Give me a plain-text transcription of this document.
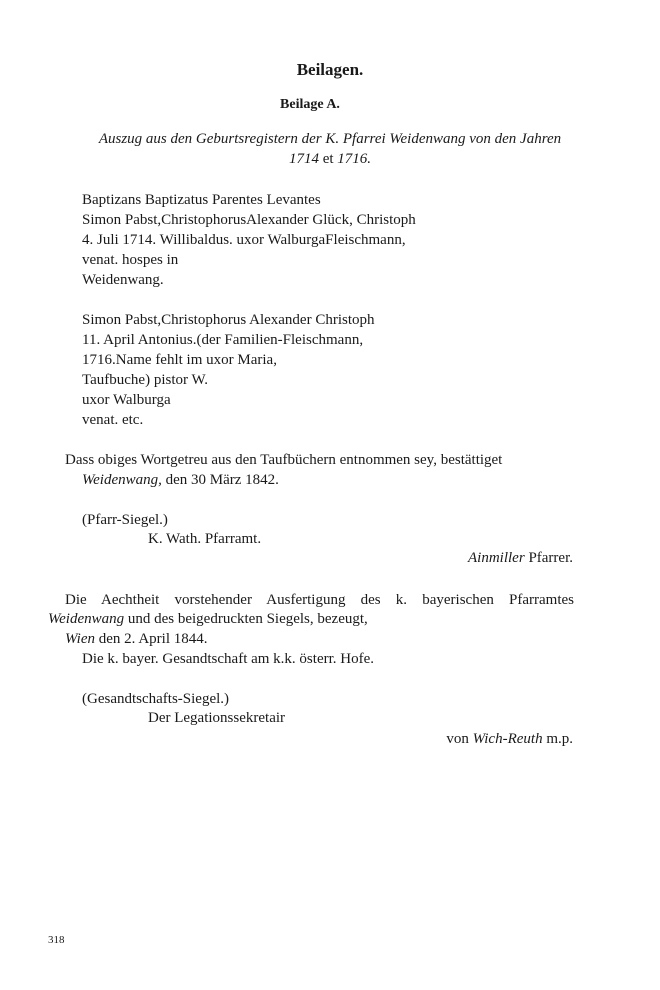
Beilagen.
Beilage A.
Auszug aus den Geburtsregistern der K. Pfarrei Weidenwang von den Jahren
1714 et 1716.
Baptizans Baptizatus Parentes Levantes
Simon Pabst,ChristophorusAlexander Glück, Christoph
4. Juli 1714. Willibaldus. uxor WalburgaFleischmann,
venat. hospes in
Weidenwang.
Simon Pabst,Christophorus Alexander Christoph
11. April Antonius.(der Familien-Fleischmann,
1716.Name fehlt im uxor Maria,
Taufbuche) pistor W.
uxor Walburga
venat. etc.
Dass obiges Wortgetreu aus den Taufbüchern entnommen sey, bestättiget
Weidenwang, den 30 März 1842.
(Pfarr-Siegel.)
K. Wath. Pfarramt.
Ainmiller Pfarrer.
Die Aechtheit vorstehender Ausfertigung des k. bayerischen Pfarramtes
Weidenwang und des beigedruckten Siegels, bezeugt,
Wien den 2. April 1844.
Die k. bayer. Gesandtschaft am k.k. österr. Hofe.
(Gesandtschafts-Siegel.)
Der Legationssekretair
von Wich-Reuth m.p.
318
